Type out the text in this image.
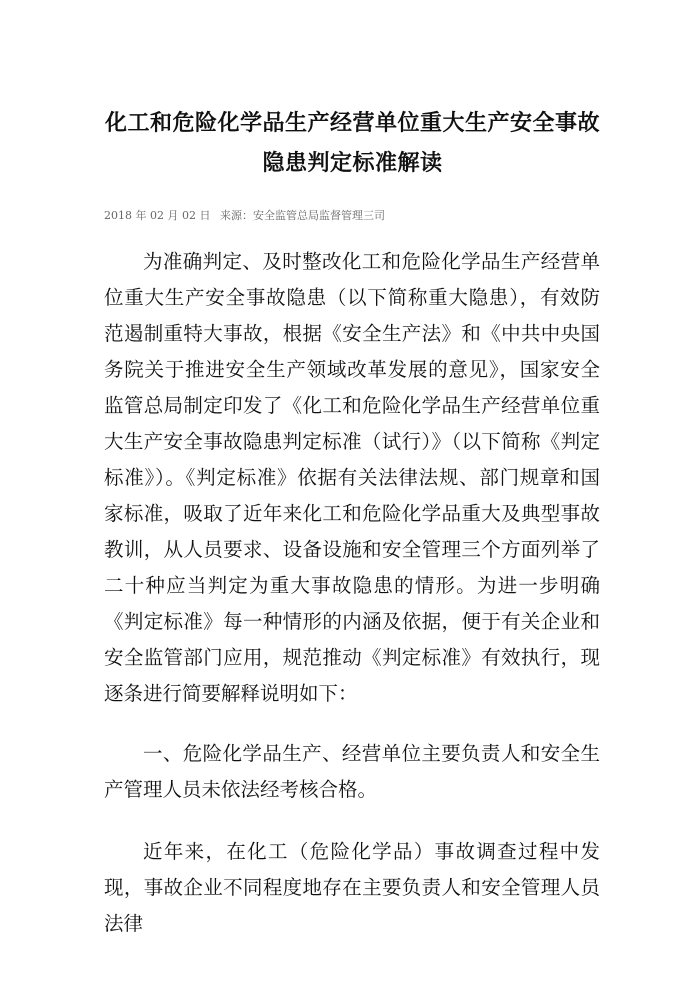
化工和危险化学品生产经营单位重大生产安全事故隐患判定标准解读
2018 年 02 月 02 日 来源：安全监管总局监督管理三司

为准确判定、及时整改化工和危险化学品生产经营单位重大生产安全事故隐患（以下简称重大隐患），有效防范遏制重特大事故，根据《安全生产法》和《中共中央国务院关于推进安全生产领域改革发展的意见》，国家安全监管总局制定印发了《化工和危险化学品生产经营单位重大生产安全事故隐患判定标准（试行）》（以下简称《判定标准》）。《判定标准》依据有关法律法规、部门规章和国家标准，吸取了近年来化工和危险化学品重大及典型事故教训，从人员要求、设备设施和安全管理三个方面列举了二十种应当判定为重大事故隐患的情形。为进一步明确《判定标准》每一种情形的内涵及依据，便于有关企业和安全监管部门应用，规范推动《判定标准》有效执行，现逐条进行简要解释说明如下：

一、危险化学品生产、经营单位主要负责人和安全生产管理人员未依法经考核合格。

近年来，在化工（危险化学品）事故调查过程中发现，事故企业不同程度地存在主要负责人和安全管理人员法律
